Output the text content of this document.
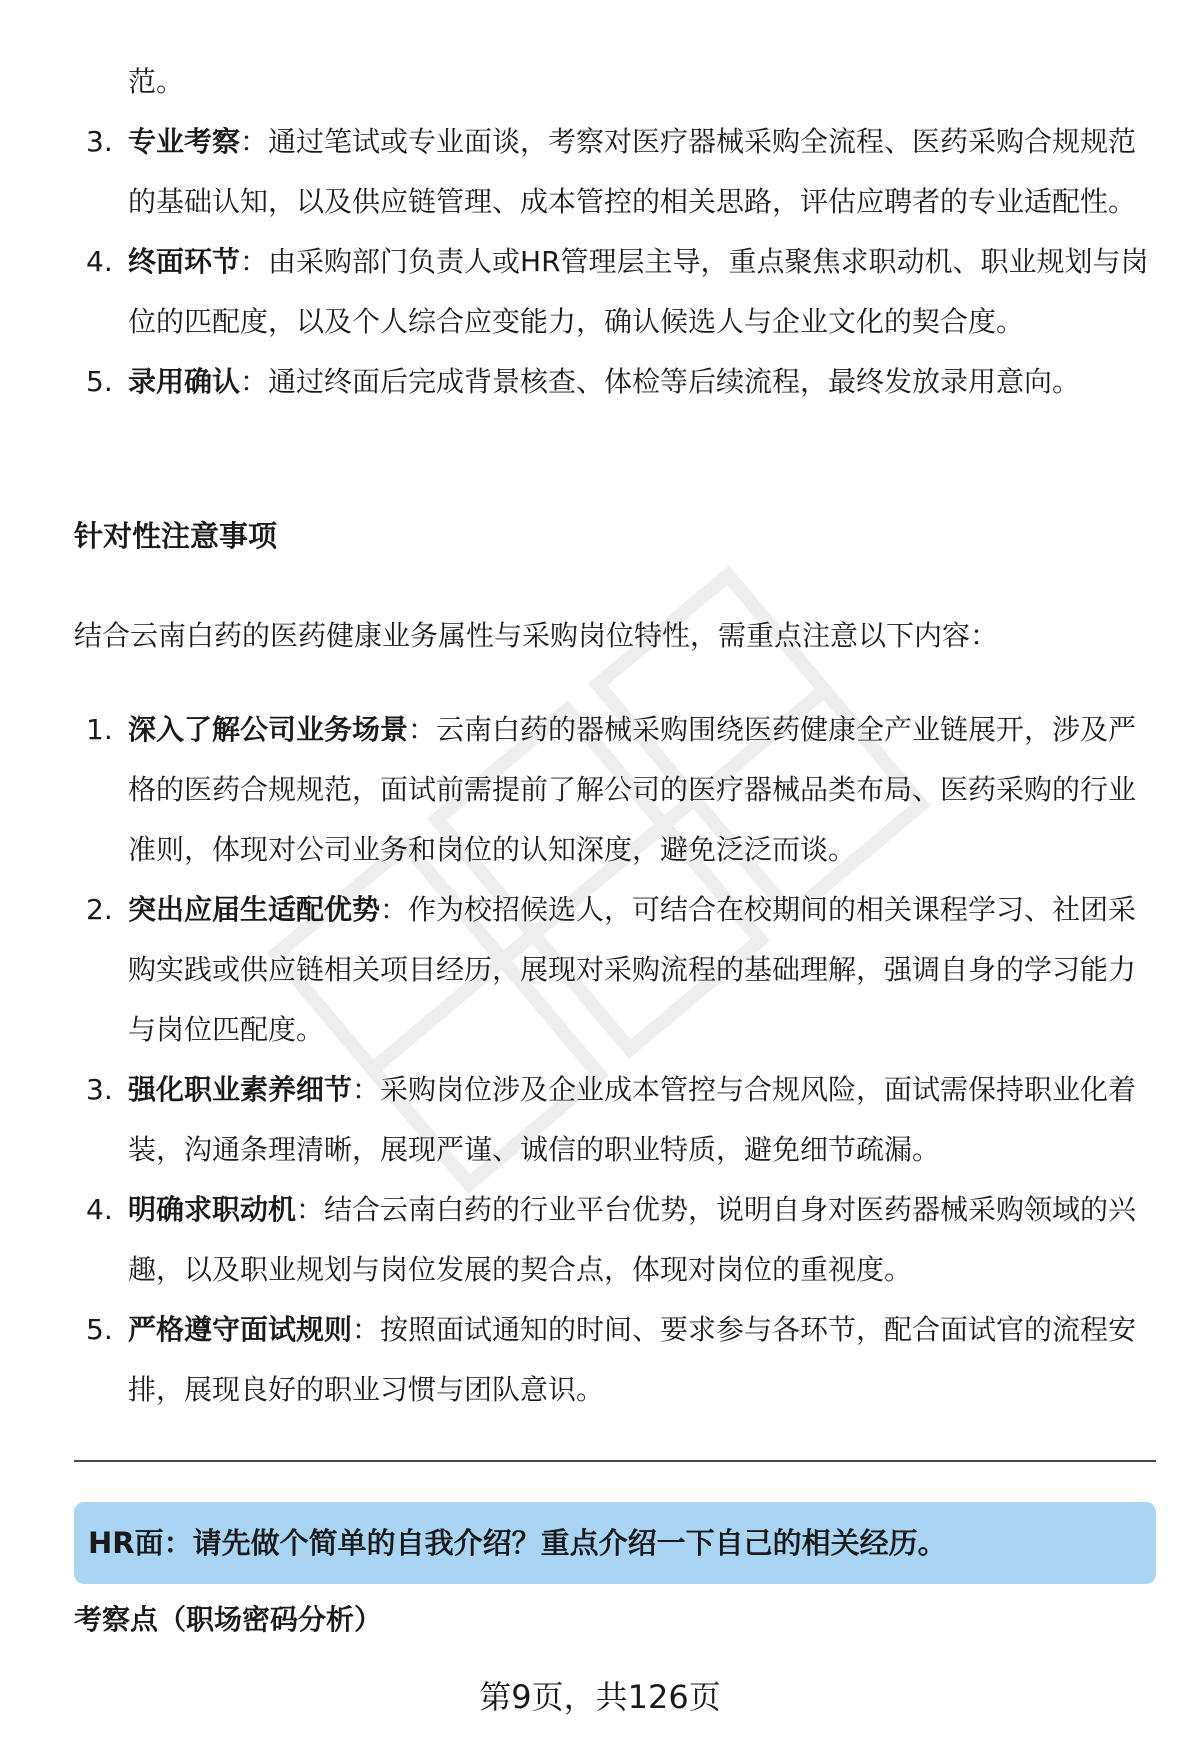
范。
3. 专业考察：通过笔试或专业面谈，考察对医疗器械采购全流程、医药采购合规规范的基础认知，以及供应链管理、成本管控的相关思路，评估应聘者的专业适配性。
4. 终面环节：由采购部门负责人或HR管理层主导，重点聚焦求职动机、职业规划与岗位的匹配度，以及个人综合应变能力，确认候选人与企业文化的契合度。
5. 录用确认：通过终面后完成背景核查、体检等后续流程，最终发放录用意向。
针对性注意事项
结合云南白药的医药健康业务属性与采购岗位特性，需重点注意以下内容：
1. 深入了解公司业务场景：云南白药的器械采购围绕医药健康全产业链展开，涉及严格的医药合规规范，面试前需提前了解公司的医疗器械品类布局、医药采购的行业准则，体现对公司业务和岗位的认知深度，避免泛泛而谈。
2. 突出应届生适配优势：作为校招候选人，可结合在校期间的相关课程学习、社团采购实践或供应链相关项目经历，展现对采购流程的基础理解，强调自身的学习能力与岗位匹配度。
3. 强化职业素养细节：采购岗位涉及企业成本管控与合规风险，面试需保持职业化着装，沟通条理清晰，展现严谨、诚信的职业特质，避免细节疏漏。
4. 明确求职动机：结合云南白药的行业平台优势，说明自身对医药器械采购领域的兴趣，以及职业规划与岗位发展的契合点，体现对岗位的重视度。
5. 严格遵守面试规则：按照面试通知的时间、要求参与各环节，配合面试官的流程安排，展现良好的职业习惯与团队意识。
HR面：请先做个简单的自我介绍？重点介绍一下自己的相关经历。
考察点（职场密码分析）
第9页，共126页
